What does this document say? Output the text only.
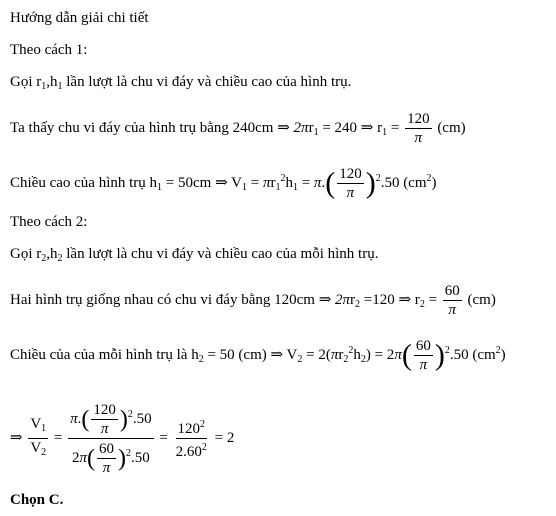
Hướng dẫn giải chi tiết
Theo cách 1:
Gọi $r_1,h_1$ lần lượt là chu vi đáy và chiều cao của hình trụ.
Ta thấy chu vi đáy của hình trụ bằng 240cm ⇒ $2\pi r_1 = 240$ ⇒ $r_1 = \frac{120}{\pi} (cm)$
Chiều cao của hình trụ $h_1 = 50cm$ ⇒ $V_1 = \pi r_1^2h_1 = \pi.( \frac{120}{\pi} )^2.50$ $(cm^2)$
Theo cách 2:
Gọi $r_2,h_2$ lần lượt là chu vi đáy và chiều cao của mỗi hình trụ.
Hai hình trụ giống nhau có chu vi đáy bằng 120cm ⇒ $2\pi r_2 =120$ ⇒ $r_2 = \frac{60}{\pi} (cm)$
Chiều của của mỗi hình trụ là $h_2 = 50$ (cm) ⇒ $V_2 = 2(\pi r_2^2h_2) = 2\pi( \frac{60}{\pi} )^2.50$ $(cm^2)$
⇒ $\frac{V_1}{V_2} = \frac{\pi.( \frac{120}{\pi} )^2.50}{2\pi( \frac{60}{\pi} )^2.50} = \frac{120^2}{2.60^2} = 2$
Chọn C.
